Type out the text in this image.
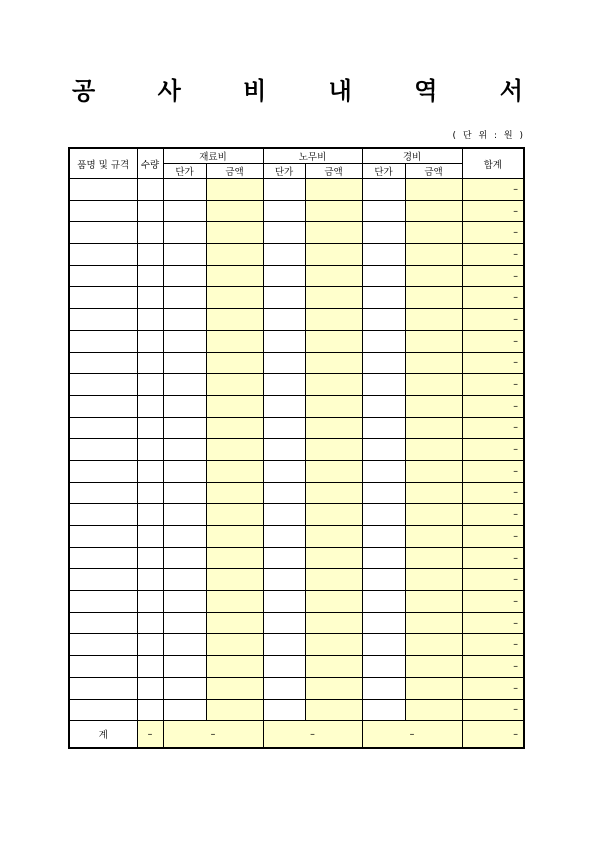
공 사 비 내 역 서
( 단 위 : 원 )
품명 및 규격	수량	재료비		노무비		경비		합계
		단가	금액	단가	금액	단가	금액	
								–
								–
								–
								–
								–
								–
								–
								–
								–
								–
								–
								–
								–
								–
								–
								–
								–
								–
								–
								–
								–
								–
								–
								–
								–
계	–	–		–		–		–
